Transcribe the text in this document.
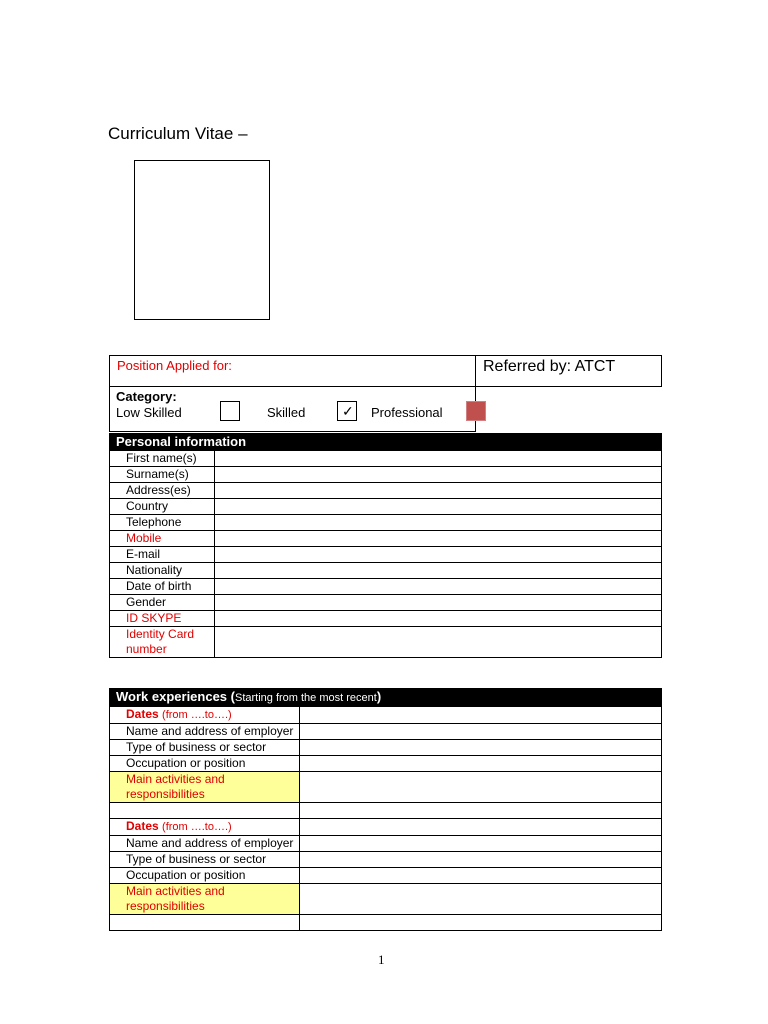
Curriculum Vitae –
Position Applied for:	Referred by: ATCT

Category:
Low Skilled Skilled ✓ Professional	

Personal information	
First name(s)	
Surname(s)	
Address(es)	
Country	
Telephone	
Mobile	
E-mail	
Nationality	
Date of birth	
Gender	
ID SKYPE	
Identity Card number	
Work experiences (Starting from the most recent)	
Dates (from ….to….)	
Name and address of employer	
Type of business or sector	
Occupation or position	
Main activities and responsibilities	

Dates (from ….to….)	
Name and address of employer	
Type of business or sector	
Occupation or position	
Main activities and responsibilities	

1
